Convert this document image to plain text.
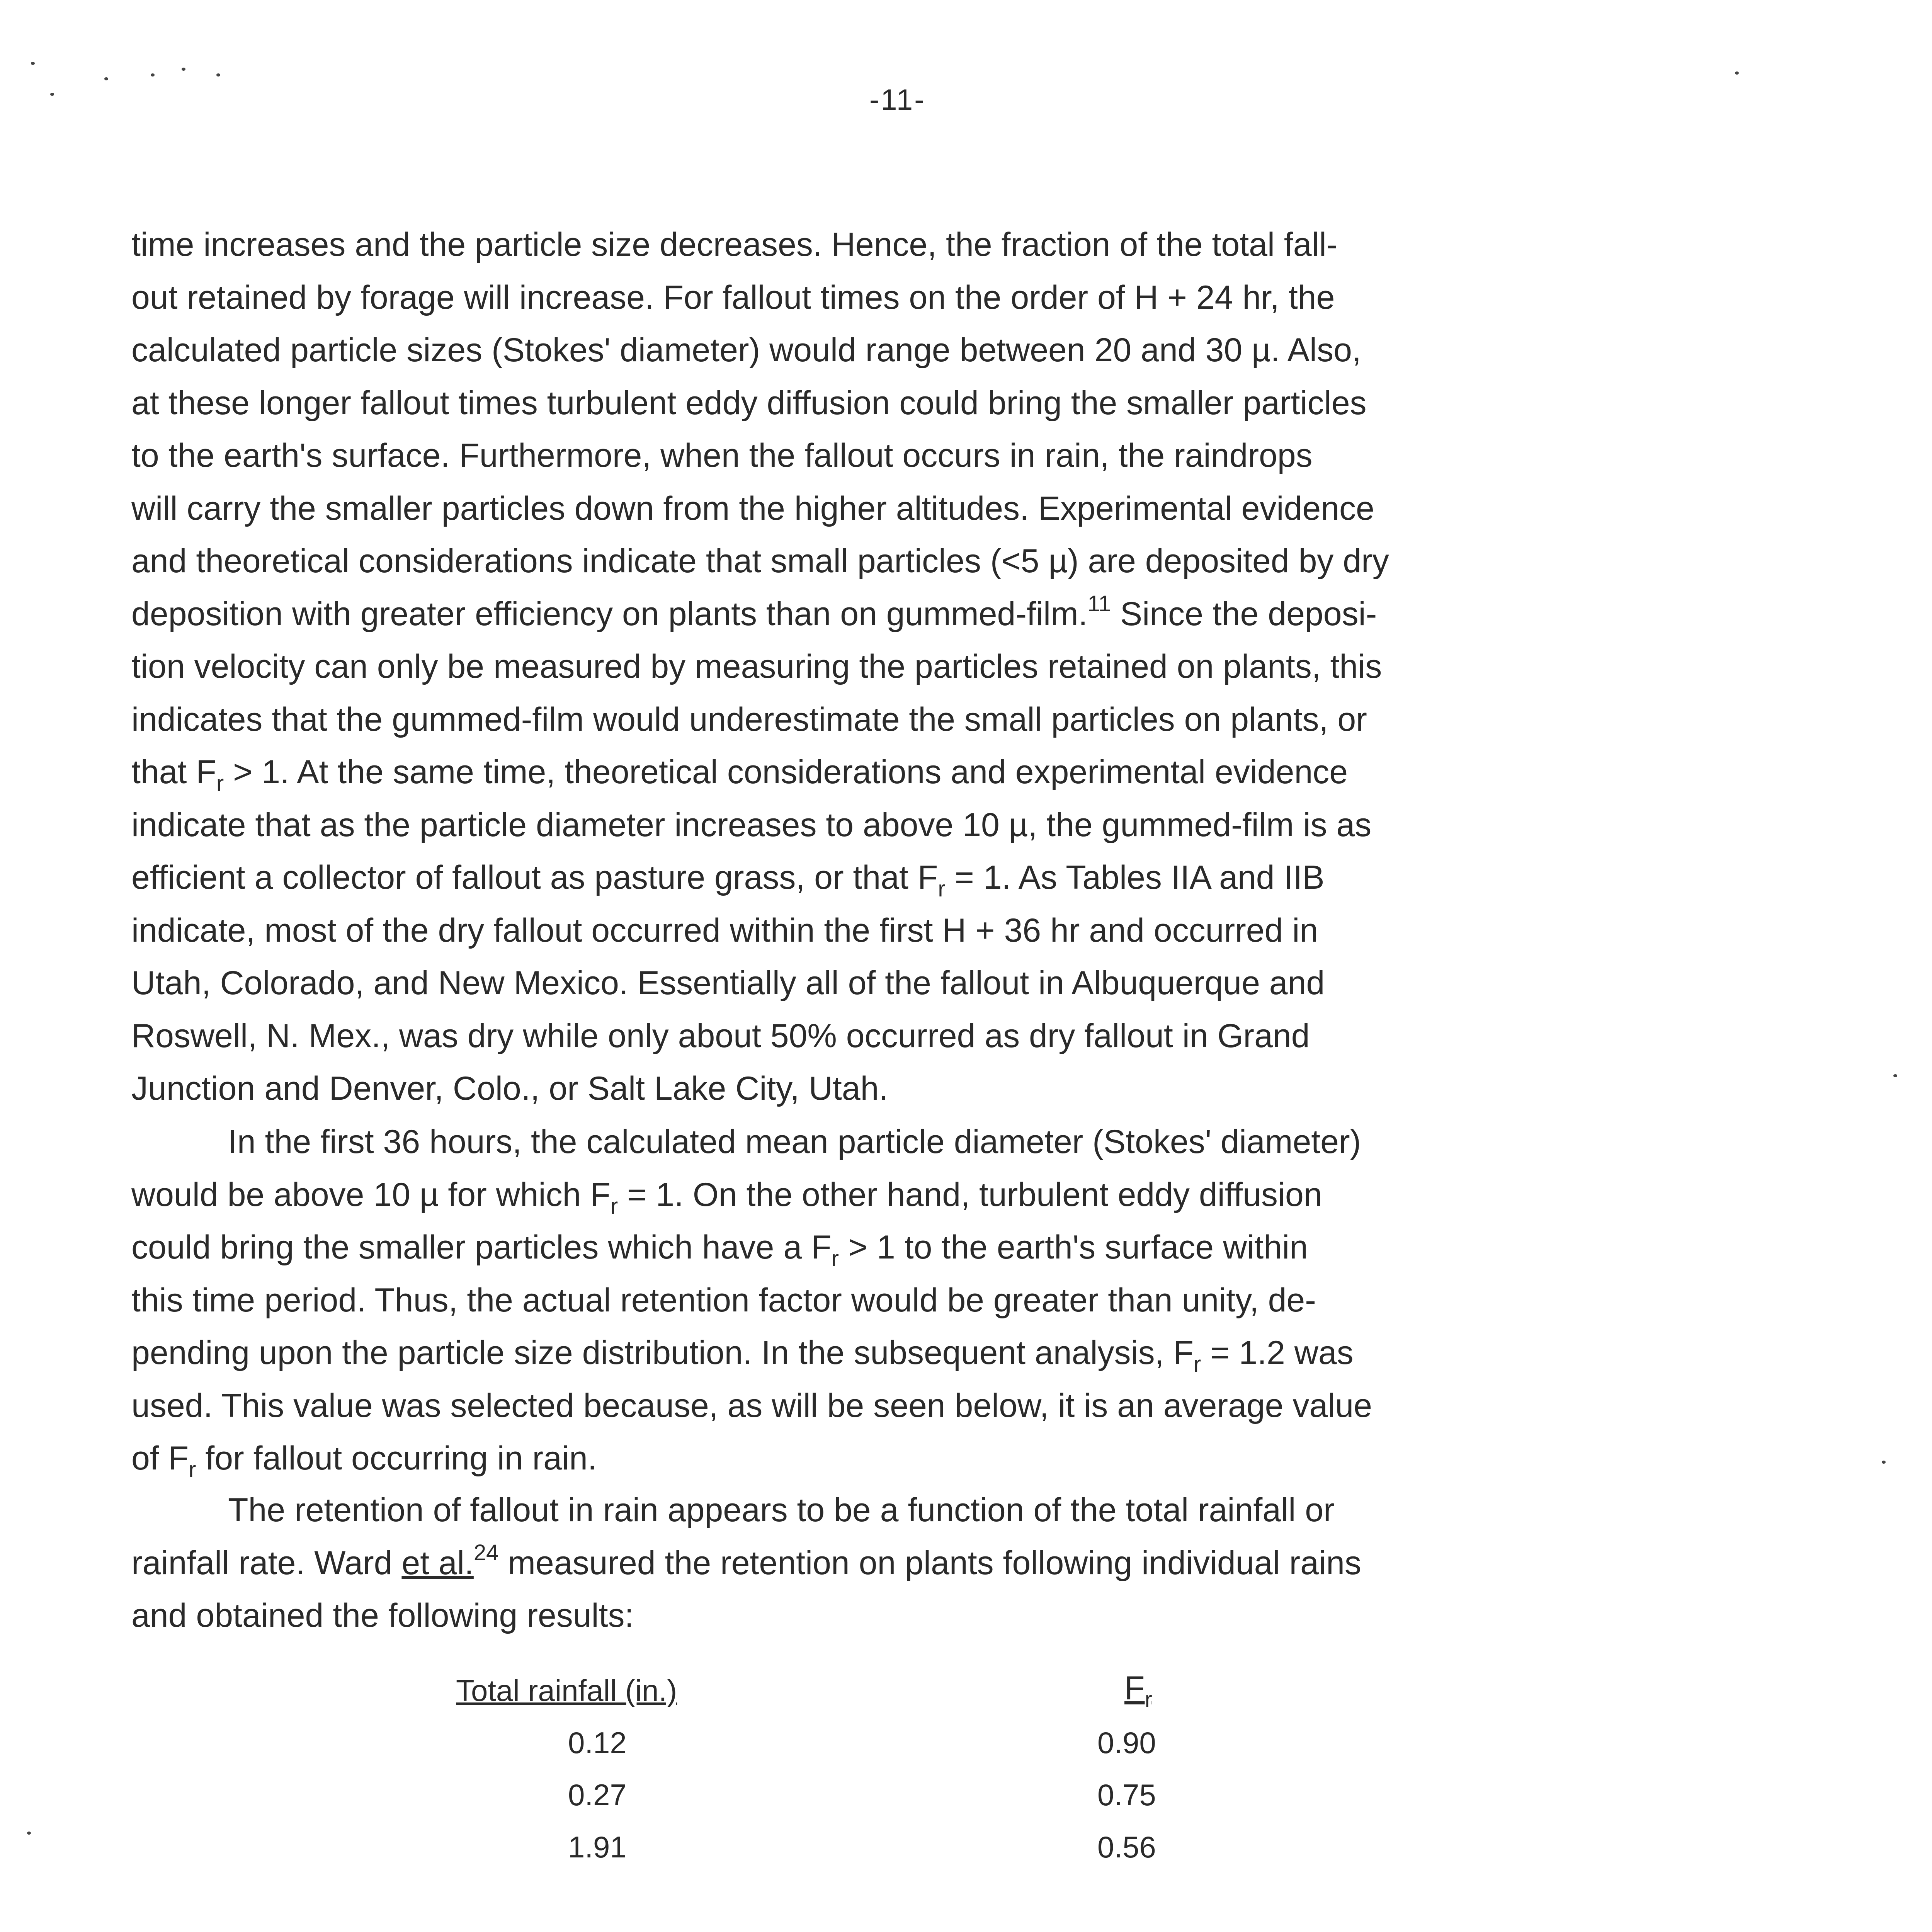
-11-
time increases and the particle size decreases. Hence, the fraction of the total fall-
out retained by forage will increase. For fallout times on the order of H + 24 hr, the
calculated particle sizes (Stokes' diameter) would range between 20 and 30 µ. Also,
at these longer fallout times turbulent eddy diffusion could bring the smaller particles
to the earth's surface. Furthermore, when the fallout occurs in rain, the raindrops
will carry the smaller particles down from the higher altitudes. Experimental evidence
and theoretical considerations indicate that small particles (<5 µ) are deposited by dry
deposition with greater efficiency on plants than on gummed-film.$^{11}$ Since the deposi-
tion velocity can only be measured by measuring the particles retained on plants, this
indicates that the gummed-film would underestimate the small particles on plants, or
that $F_r > 1$. At the same time, theoretical considerations and experimental evidence
indicate that as the particle diameter increases to above 10 µ, the gummed-film is as
efficient a collector of fallout as pasture grass, or that $F_r = 1$. As Tables IIA and IIB
indicate, most of the dry fallout occurred within the first H + 36 hr and occurred in
Utah, Colorado, and New Mexico. Essentially all of the fallout in Albuquerque and
Roswell, N. Mex., was dry while only about 50% occurred as dry fallout in Grand
Junction and Denver, Colo., or Salt Lake City, Utah.
In the first 36 hours, the calculated mean particle diameter (Stokes' diameter)
would be above 10 µ for which $F_r = 1$. On the other hand, turbulent eddy diffusion
could bring the smaller particles which have a $F_r > 1$ to the earth's surface within
this time period. Thus, the actual retention factor would be greater than unity, de-
pending upon the particle size distribution. In the subsequent analysis, $F_r = 1.2$ was
used. This value was selected because, as will be seen below, it is an average value
of $F_r$ for fallout occurring in rain.
The retention of fallout in rain appears to be a function of the total rainfall or
rainfall rate. Ward et al.$^{24}$ measured the retention on plants following individual rains
and obtained the following results:
Total rainfall (in.)	$F_r$
0.12	0.90
0.27	0.75
1.91	0.56
